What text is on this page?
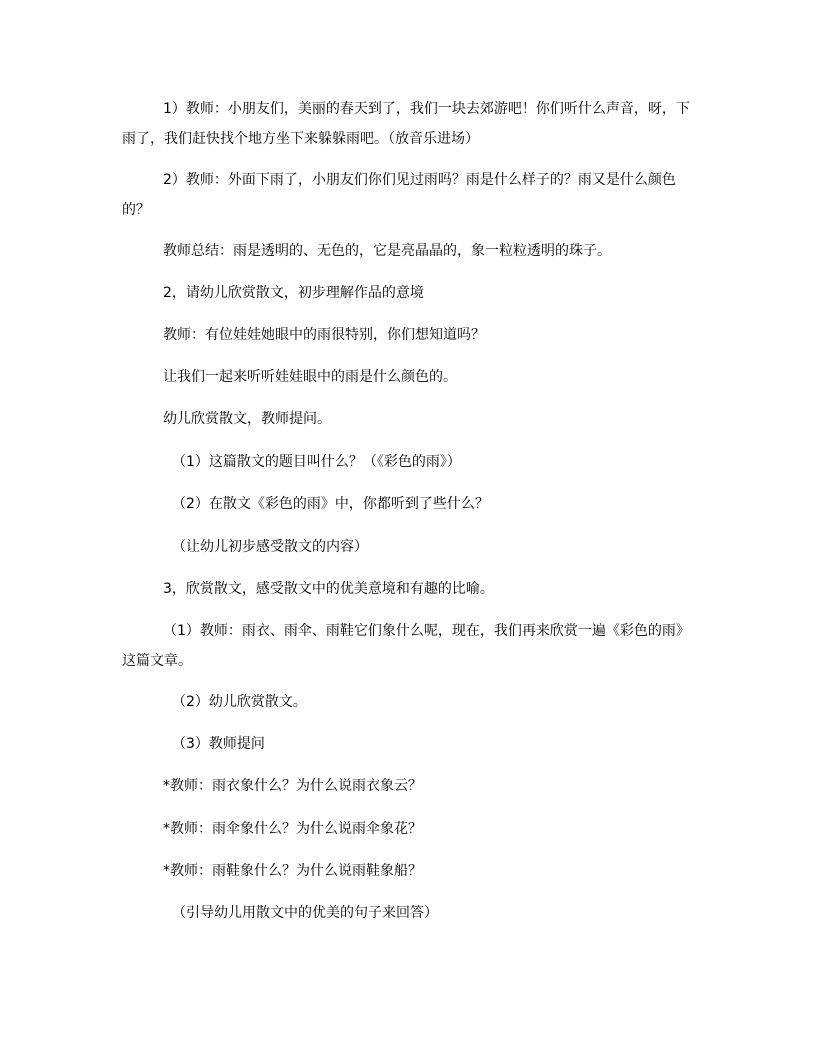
1）教师：小朋友们，美丽的春天到了，我们一块去郊游吧！你们听什么声音，呀，下雨了，我们赶快找个地方坐下来躲躲雨吧。（放音乐进场）

2）教师：外面下雨了，小朋友们你们见过雨吗？雨是什么样子的？雨又是什么颜色的？

教师总结：雨是透明的、无色的，它是亮晶晶的，象一粒粒透明的珠子。

2，请幼儿欣赏散文，初步理解作品的意境

教师：有位娃娃她眼中的雨很特别，你们想知道吗？

让我们一起来听听娃娃眼中的雨是什么颜色的。

幼儿欣赏散文，教师提问。

（1）这篇散文的题目叫什么？（《彩色的雨》）

（2）在散文《彩色的雨》中，你都听到了些什么？

（让幼儿初步感受散文的内容）

3，欣赏散文，感受散文中的优美意境和有趣的比喻。

（1）教师：雨衣、雨伞、雨鞋它们象什么呢，现在，我们再来欣赏一遍《彩色的雨》这篇文章。

（2）幼儿欣赏散文。

（3）教师提问

*教师：雨衣象什么？为什么说雨衣象云？

*教师：雨伞象什么？为什么说雨伞象花？

*教师：雨鞋象什么？为什么说雨鞋象船？

（引导幼儿用散文中的优美的句子来回答）
